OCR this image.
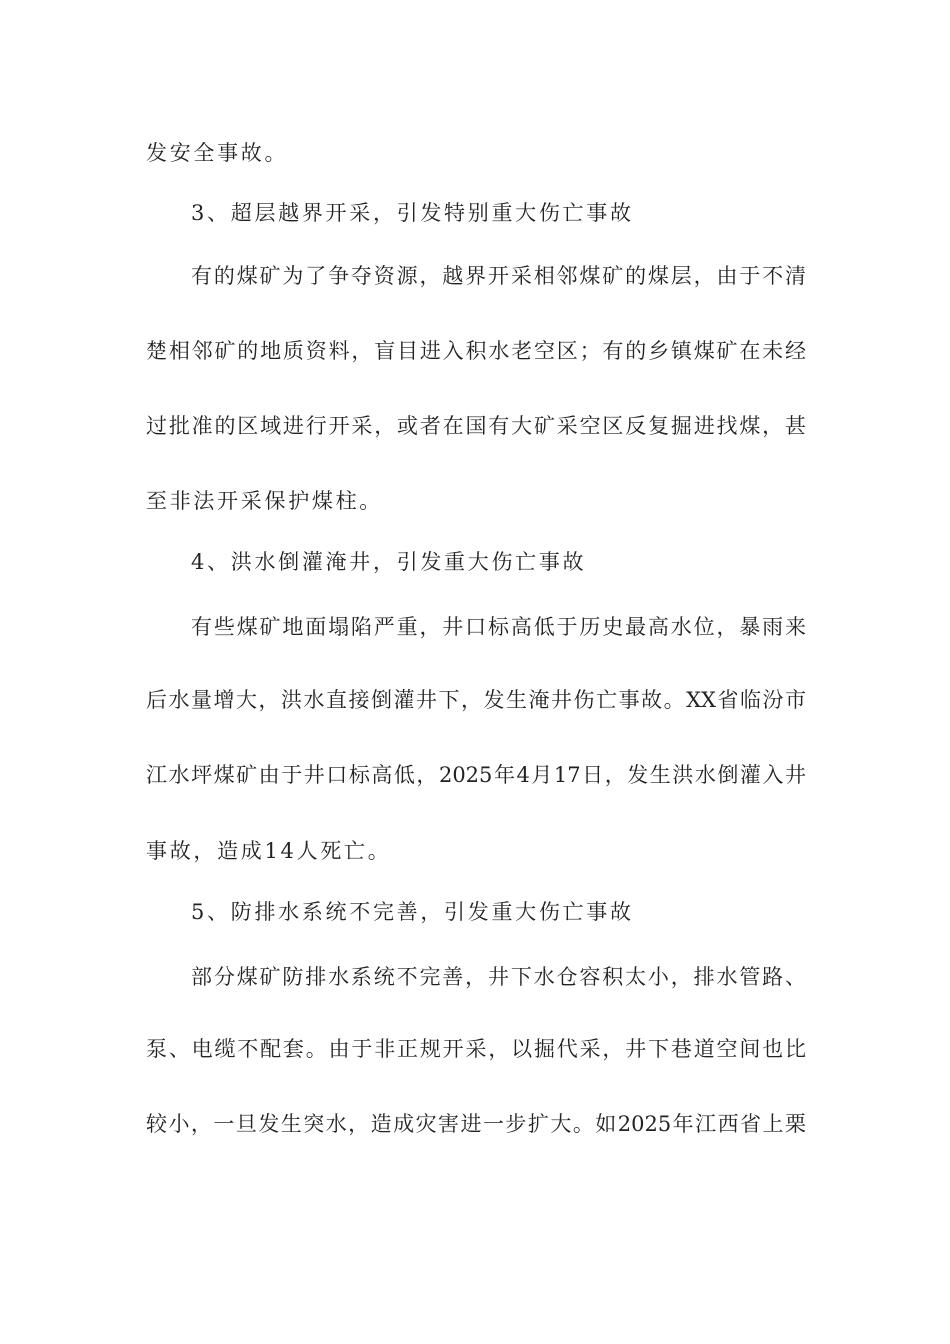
发安全事故。
3、超层越界开采，引发特别重大伤亡事故
有的煤矿为了争夺资源，越界开采相邻煤矿的煤层，由于不清
楚相邻矿的地质资料，盲目进入积水老空区；有的乡镇煤矿在未经
过批准的区域进行开采，或者在国有大矿采空区反复掘进找煤，甚
至非法开采保护煤柱。
4、洪水倒灌淹井，引发重大伤亡事故
有些煤矿地面塌陷严重，井口标高低于历史最高水位，暴雨来
后水量增大，洪水直接倒灌井下，发生淹井伤亡事故。XX省临汾市
江水坪煤矿由于井口标高低，2025年4月17日，发生洪水倒灌入井
事故，造成14人死亡。
5、防排水系统不完善，引发重大伤亡事故
部分煤矿防排水系统不完善，井下水仓容积太小，排水管路、
泵、电缆不配套。由于非正规开采，以掘代采，井下巷道空间也比
较小，一旦发生突水，造成灾害进一步扩大。如2025年江西省上栗
